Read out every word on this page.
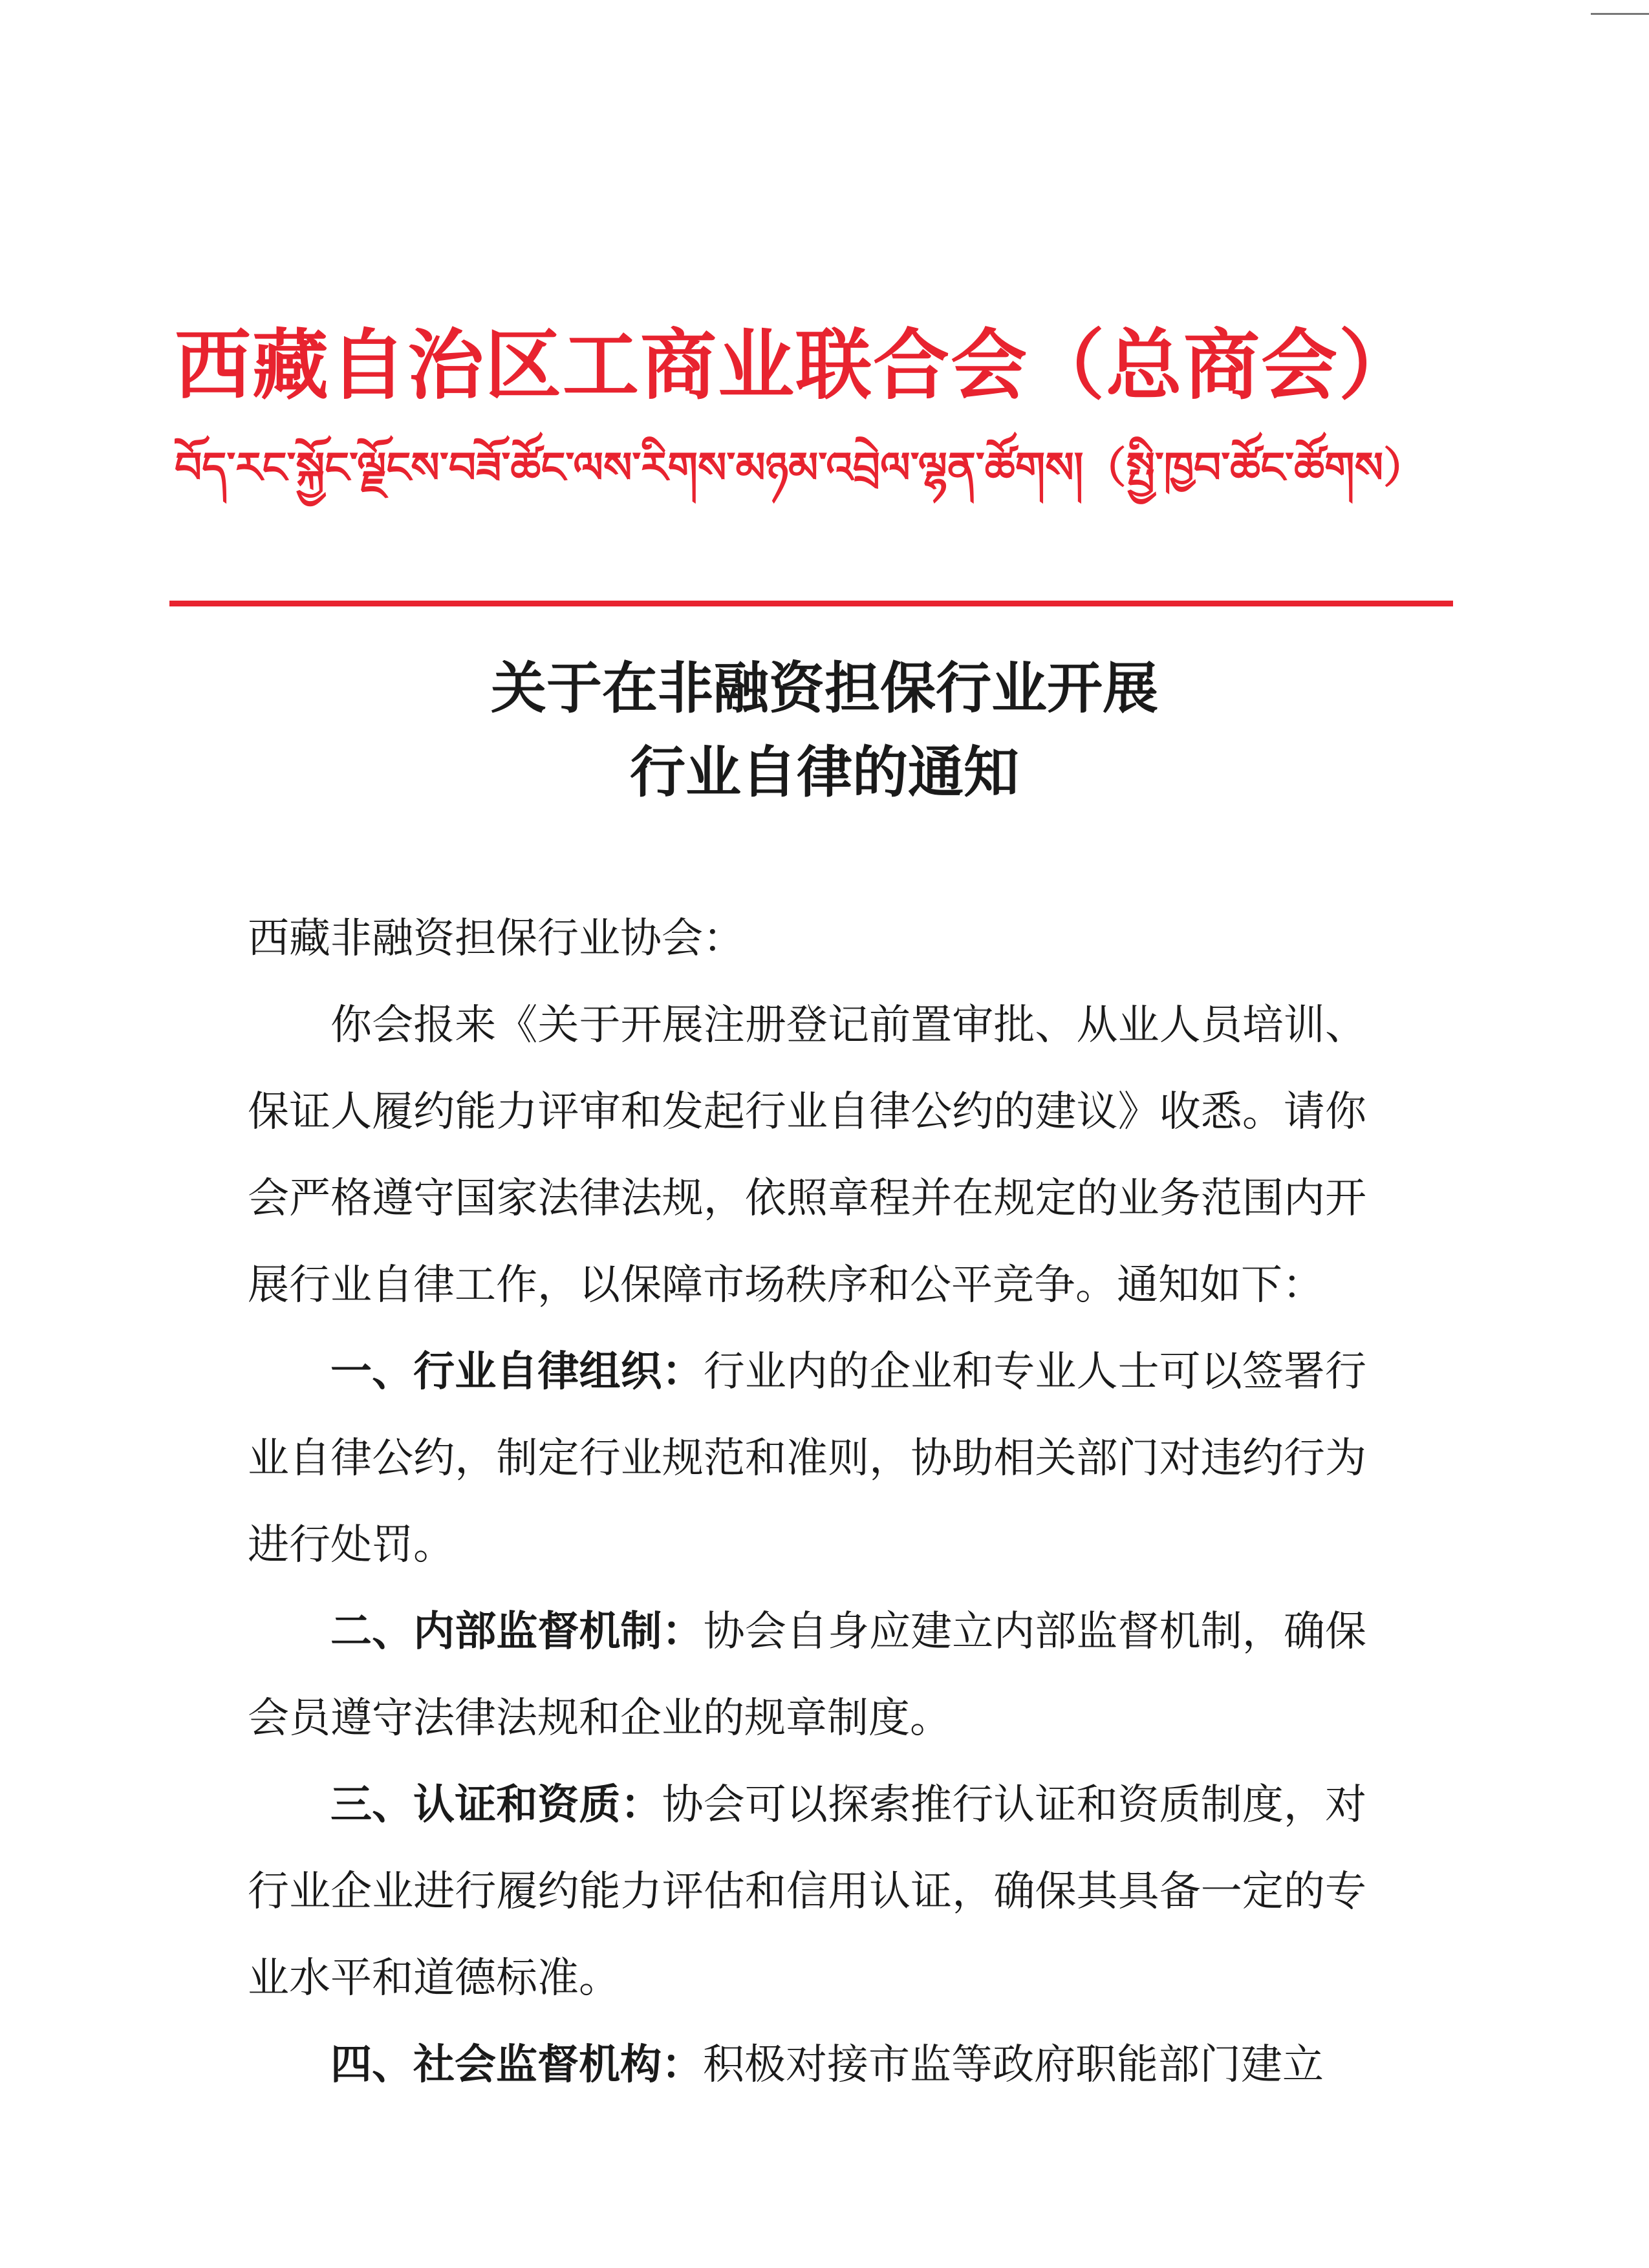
西藏自治区工商业联合会（总商会）
བོད་རང་སྐྱོང་ལྗོངས་བཟོ་ཚོང་ལས་རིགས་མཉམ་འབྲེལ་ལྷན་ཚོགས།（སྤྱི་ཁྱབ་ཚོང་ཚོགས）
关于在非融资担保行业开展
行业自律的通知

西藏非融资担保行业协会：

你会报来《关于开展注册登记前置审批、从业人员培训、保证人履约能力评审和发起行业自律公约的建议》收悉。请你会严格遵守国家法律法规，依照章程并在规定的业务范围内开展行业自律工作，以保障市场秩序和公平竞争。通知如下：

一、行业自律组织：行业内的企业和专业人士可以签署行业自律公约，制定行业规范和准则，协助相关部门对违约行为进行处罚。

二、内部监督机制：协会自身应建立内部监督机制，确保会员遵守法律法规和企业的规章制度。

三、认证和资质：协会可以探索推行认证和资质制度，对行业企业进行履约能力评估和信用认证，确保其具备一定的专业水平和道德标准。

四、社会监督机构：积极对接市监等政府职能部门建立
